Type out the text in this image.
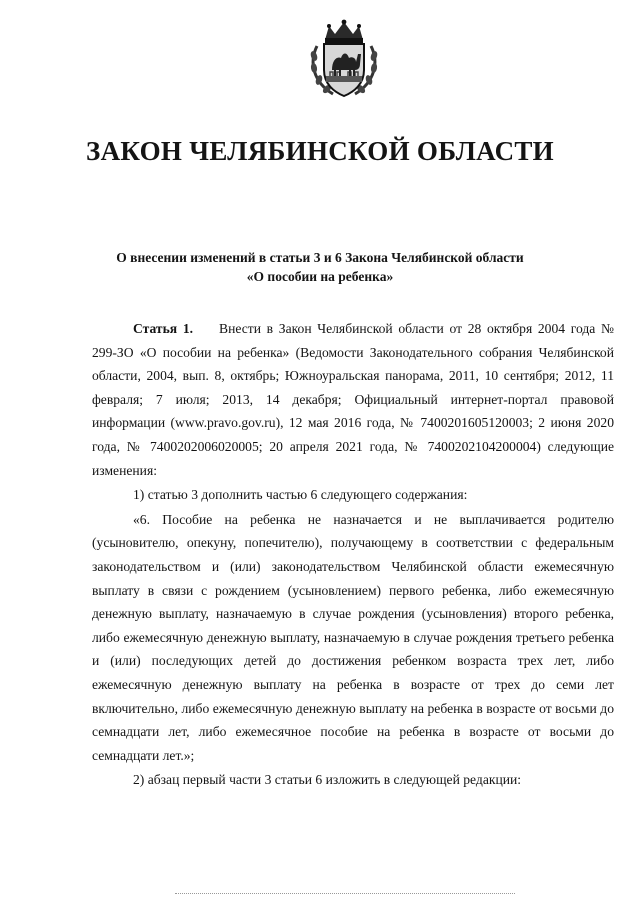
ЗАКОН ЧЕЛЯБИНСКОЙ ОБЛАСТИ
О внесении изменений в статьи 3 и 6 Закона Челябинской области
«О пособии на ребенка»

Статья 1. Внести в Закон Челябинской области от 28 октября 2004 года № 299-ЗО «О пособии на ребенка» (Ведомости Законодательного собрания Челябинской области, 2004, вып. 8, октябрь; Южноуральская панорама, 2011, 10 сентября; 2012, 11 февраля; 7 июля; 2013, 14 декабря; Официальный интернет-портал правовой информации (www.pravo.gov.ru), 12 мая 2016 года, № 7400201605120003; 2 июня 2020 года, № 7400202006020005; 20 апреля 2021 года, № 7400202104200004) следующие изменения:

1) статью 3 дополнить частью 6 следующего содержания:

«6. Пособие на ребенка не назначается и не выплачивается родителю (усыновителю, опекуну, попечителю), получающему в соответствии с федеральным законодательством и (или) законодательством Челябинской области ежемесячную выплату в связи с рождением (усыновлением) первого ребенка, либо ежемесячную денежную выплату, назначаемую в случае рождения (усыновления) второго ребенка, либо ежемесячную денежную выплату, назначаемую в случае рождения третьего ребенка и (или) последующих детей до достижения ребенком возраста трех лет, либо ежемесячную денежную выплату на ребенка в возрасте от трех до семи лет включительно, либо ежемесячную денежную выплату на ребенка в возрасте от восьми до семнадцати лет, либо ежемесячное пособие на ребенка в возрасте от восьми до семнадцати лет.»;

2) абзац первый части 3 статьи 6 изложить в следующей редакции:
